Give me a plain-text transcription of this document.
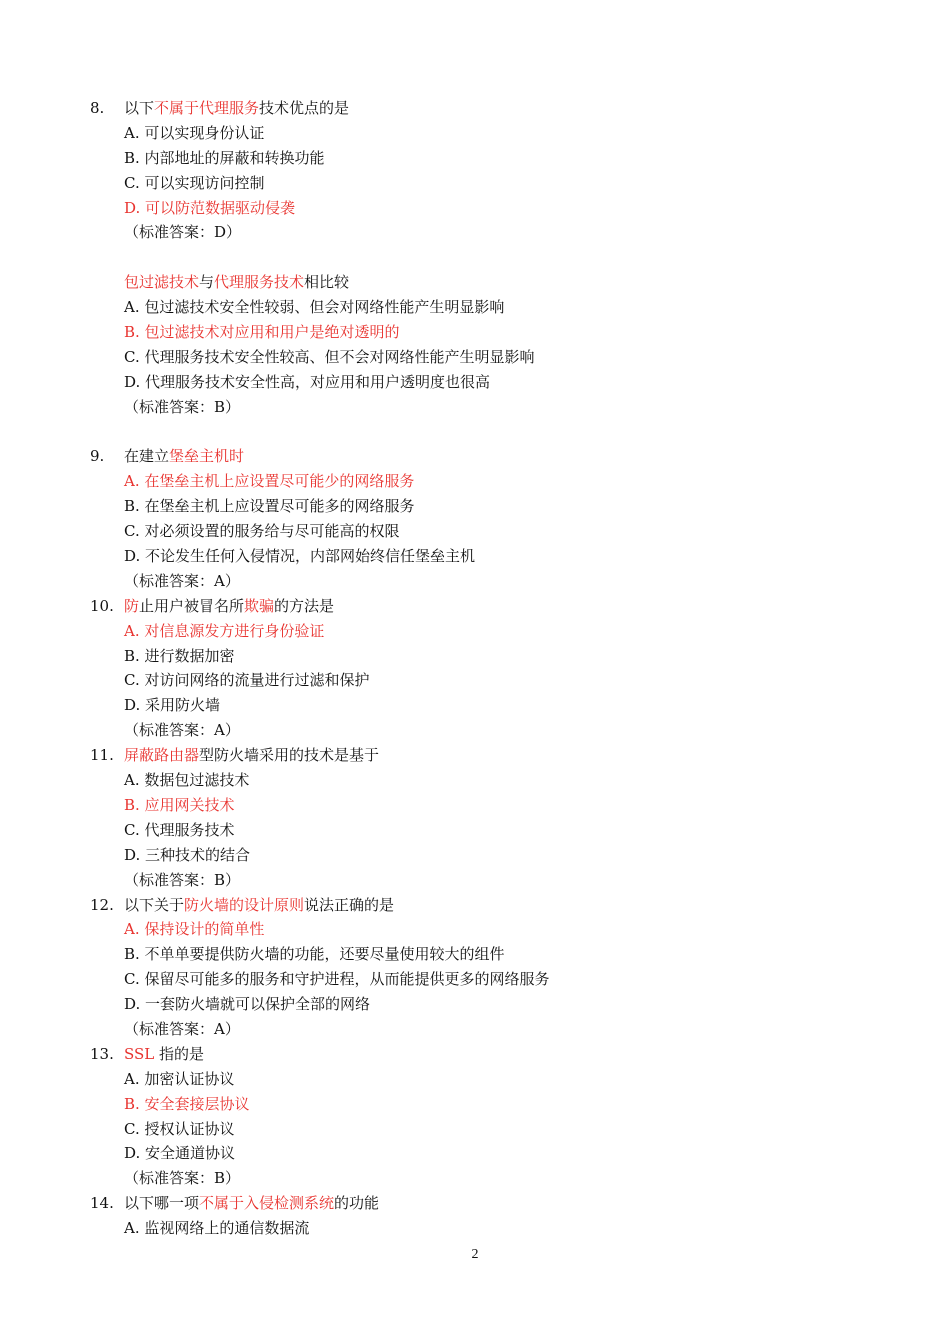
8. 以下不属于代理服务技术优点的是
A. 可以实现身份认证
B. 内部地址的屏蔽和转换功能
C. 可以实现访问控制
D. 可以防范数据驱动侵袭
（标准答案：D）
包过滤技术与代理服务技术相比较
A. 包过滤技术安全性较弱、但会对网络性能产生明显影响
B. 包过滤技术对应用和用户是绝对透明的
C. 代理服务技术安全性较高、但不会对网络性能产生明显影响
D. 代理服务技术安全性高，对应用和用户透明度也很高
（标准答案：B）
9. 在建立堡垒主机时
A. 在堡垒主机上应设置尽可能少的网络服务
B. 在堡垒主机上应设置尽可能多的网络服务
C. 对必须设置的服务给与尽可能高的权限
D. 不论发生任何入侵情况，内部网始终信任堡垒主机
（标准答案：A）
10. 防止用户被冒名所欺骗的方法是
A. 对信息源发方进行身份验证
B. 进行数据加密
C. 对访问网络的流量进行过滤和保护
D. 采用防火墙
（标准答案：A）
11. 屏蔽路由器型防火墙采用的技术是基于
A. 数据包过滤技术
B. 应用网关技术
C. 代理服务技术
D. 三种技术的结合
（标准答案：B）
12. 以下关于防火墙的设计原则说法正确的是
A. 保持设计的简单性
B. 不单单要提供防火墙的功能，还要尽量使用较大的组件
C. 保留尽可能多的服务和守护进程，从而能提供更多的网络服务
D. 一套防火墙就可以保护全部的网络
（标准答案：A）
13. SSL 指的是
A. 加密认证协议
B. 安全套接层协议
C. 授权认证协议
D. 安全通道协议
（标准答案：B）
14. 以下哪一项不属于入侵检测系统的功能
A. 监视网络上的通信数据流
2
